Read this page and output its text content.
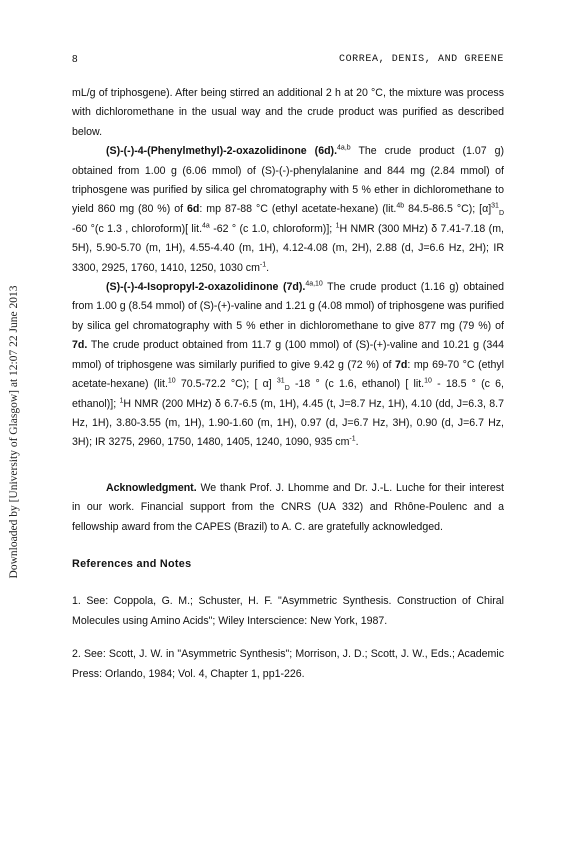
Downloaded by [University of Glasgow] at 12:07 22 June 2013
8	CORREA, DENIS, AND GREENE

mL/g of triphosgene). After being stirred an additional 2 h at 20 °C, the mixture was process with dichloromethane in the usual way and the crude product was purified as described below.

(S)-(-)-4-(Phenylmethyl)-2-oxazolidinone (6d).$^{4a,b}$ The crude product (1.07 g) obtained from 1.00 g (6.06 mmol) of (S)-(-)-phenylalanine and 844 mg (2.84 mmol) of triphosgene was purified by silica gel chromatography with 5 % ether in dichloromethane to yield 860 mg (80 %) of 6d: mp 87-88 °C (ethyl acetate-hexane) (lit.$^{4b}$ 84.5-86.5 °C); $[\alpha]^{31}_D$ -60 °(c 1.3 , chloroform)[ lit.$^{4a}$ -62 ° (c 1.0, chloroform)]; $^1$H NMR (300 MHz) δ 7.41-7.18 (m, 5H), 5.90-5.70 (m, 1H), 4.55-4.40 (m, 1H), 4.12-4.08 (m, 2H), 2.88 (d, J=6.6 Hz, 2H); IR 3300, 2925, 1760, 1410, 1250, 1030 $cm^{-1}$.

(S)-(-)-4-Isopropyl-2-oxazolidinone (7d).$^{4a,10}$ The crude product (1.16 g) obtained from 1.00 g (8.54 mmol) of (S)-(+)-valine and 1.21 g (4.08 mmol) of triphosgene was purified by silica gel chromatography with 5 % ether in dichloromethane to give 877 mg (79 %) of 7d. The crude product obtained from 11.7 g (100 mmol) of (S)-(+)-valine and 10.21 g (344 mmol) of triphosgene was similarly purified to give 9.42 g (72 %) of 7d: mp 69-70 °C (ethyl acetate-hexane) (lit.$^{10}$ 70.5-72.2 °C); [ α] $^{31}_D$ -18 ° (c 1.6, ethanol) [ lit.$^{10}$ - 18.5 ° (c 6, ethanol)]; $^1$H NMR (200 MHz) δ 6.7-6.5 (m, 1H), 4.45 (t, J=8.7 Hz, 1H), 4.10 (dd, J=6.3, 8.7 Hz, 1H), 3.80-3.55 (m, 1H), 1.90-1.60 (m, 1H), 0.97 (d, J=6.7 Hz, 3H), 0.90 (d, J=6.7 Hz, 3H); IR 3275, 2960, 1750, 1480, 1405, 1240, 1090, 935 $cm^{-1}$.

Acknowledgment. We thank Prof. J. Lhomme and Dr. J.-L. Luche for their interest in our work. Financial support from the CNRS (UA 332) and Rhône-Poulenc and a fellowship award from the CAPES (Brazil) to A. C. are gratefully acknowledged.

References and Notes

1. See: Coppola, G. M.; Schuster, H. F. "Asymmetric Synthesis. Construction of Chiral Molecules using Amino Acids"; Wiley Interscience: New York, 1987.

2. See: Scott, J. W. in "Asymmetric Synthesis"; Morrison, J. D.; Scott, J. W., Eds.; Academic Press: Orlando, 1984; Vol. 4, Chapter 1, pp1-226.
